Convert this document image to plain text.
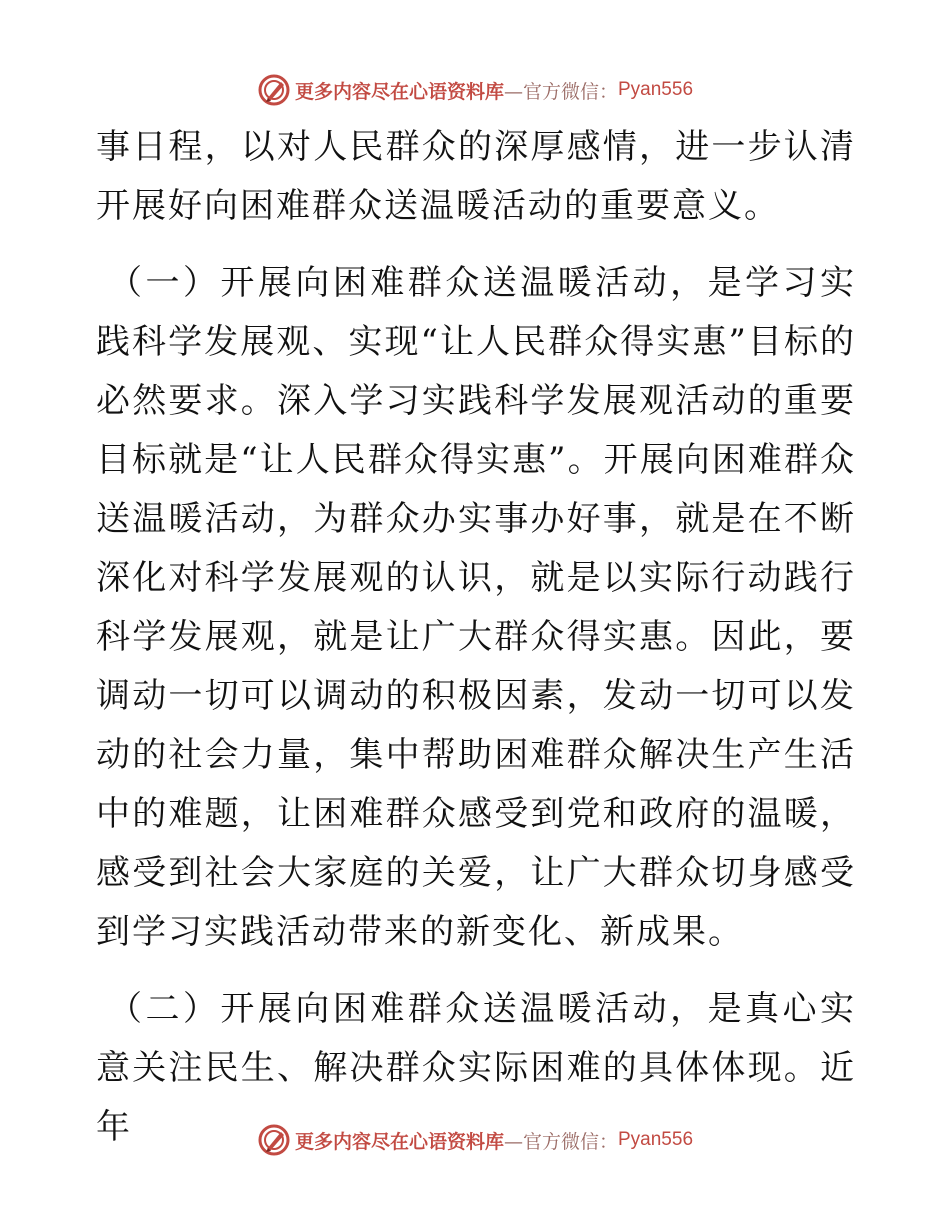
更多内容尽在心语资料库 —官方微信： Pyan556

事日程，以对人民群众的深厚感情，进一步认清开展好向困难群众送温暖活动的重要意义。

（一）开展向困难群众送温暖活动，是学习实践科学发展观、实现“让人民群众得实惠”目标的必然要求。深入学习实践科学发展观活动的重要目标就是“让人民群众得实惠”。开展向困难群众送温暖活动，为群众办实事办好事，就是在不断深化对科学发展观的认识，就是以实际行动践行科学发展观，就是让广大群众得实惠。因此，要调动一切可以调动的积极因素，发动一切可以发动的社会力量，集中帮助困难群众解决生产生活中的难题，让困难群众感受到党和政府的温暖，感受到社会大家庭的关爱，让广大群众切身感受到学习实践活动带来的新变化、新成果。

（二）开展向困难群众送温暖活动，是真心实意关注民生、解决群众实际困难的具体体现。近年	更多内容尽在心语资料库 —官方微信： Pyan556
